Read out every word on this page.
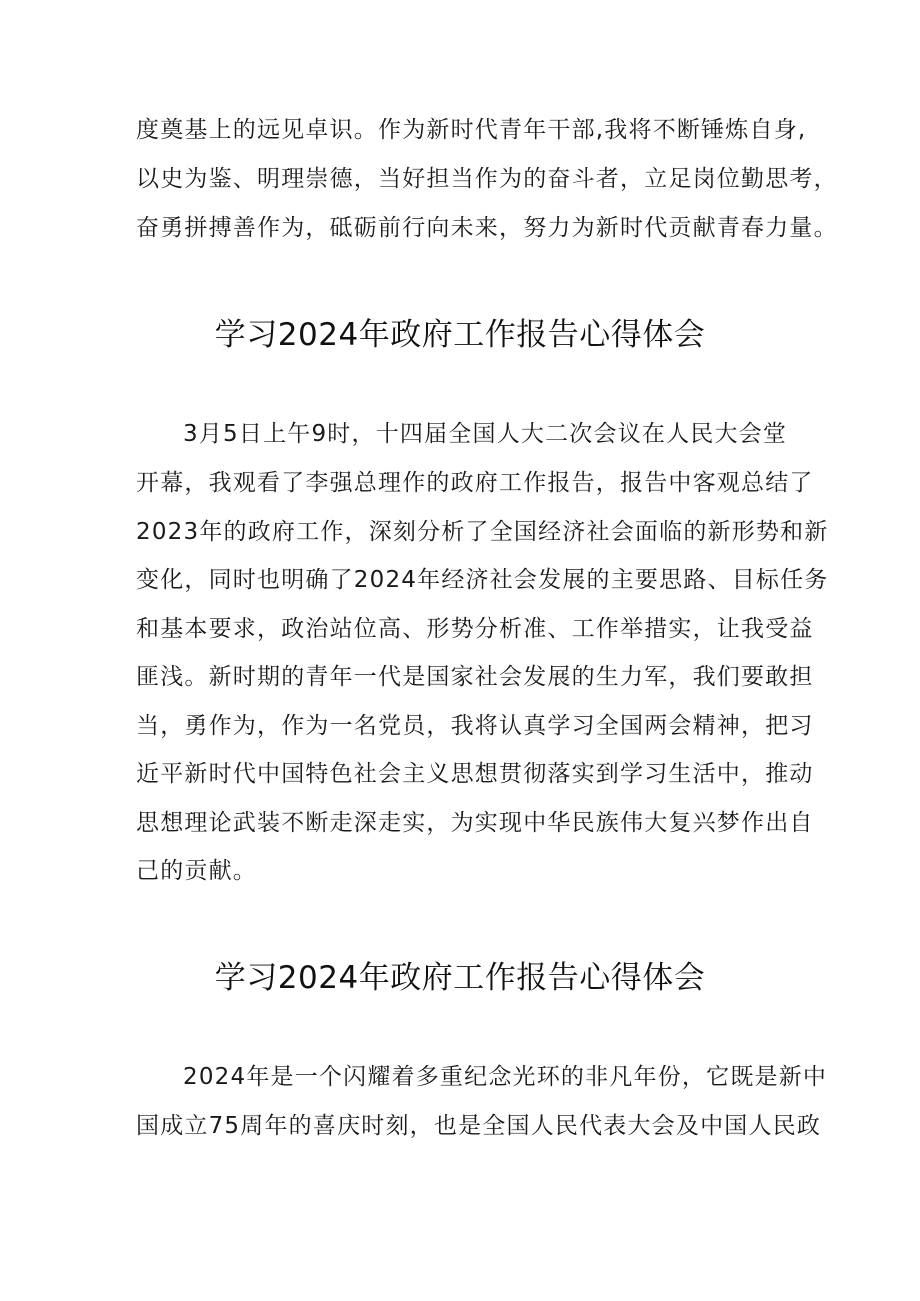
度奠基上的远见卓识。作为新时代青年干部,我将不断锤炼自身,
以史为鉴、明理崇德，当好担当作为的奋斗者，立足岗位勤思考，
奋勇拼搏善作为，砥砺前行向未来，努力为新时代贡献青春力量。
学习2024年政府工作报告心得体会
3月5日上午9时，十四届全国人大二次会议在人民大会堂
开幕，我观看了李强总理作的政府工作报告，报告中客观总结了
2023年的政府工作，深刻分析了全国经济社会面临的新形势和新
变化，同时也明确了2024年经济社会发展的主要思路、目标任务
和基本要求，政治站位高、形势分析准、工作举措实，让我受益
匪浅。新时期的青年一代是国家社会发展的生力军，我们要敢担
当，勇作为，作为一名党员，我将认真学习全国两会精神，把习
近平新时代中国特色社会主义思想贯彻落实到学习生活中，推动
思想理论武装不断走深走实，为实现中华民族伟大复兴梦作出自
己的贡献。
学习2024年政府工作报告心得体会
2024年是一个闪耀着多重纪念光环的非凡年份，它既是新中
国成立75周年的喜庆时刻，也是全国人民代表大会及中国人民政
